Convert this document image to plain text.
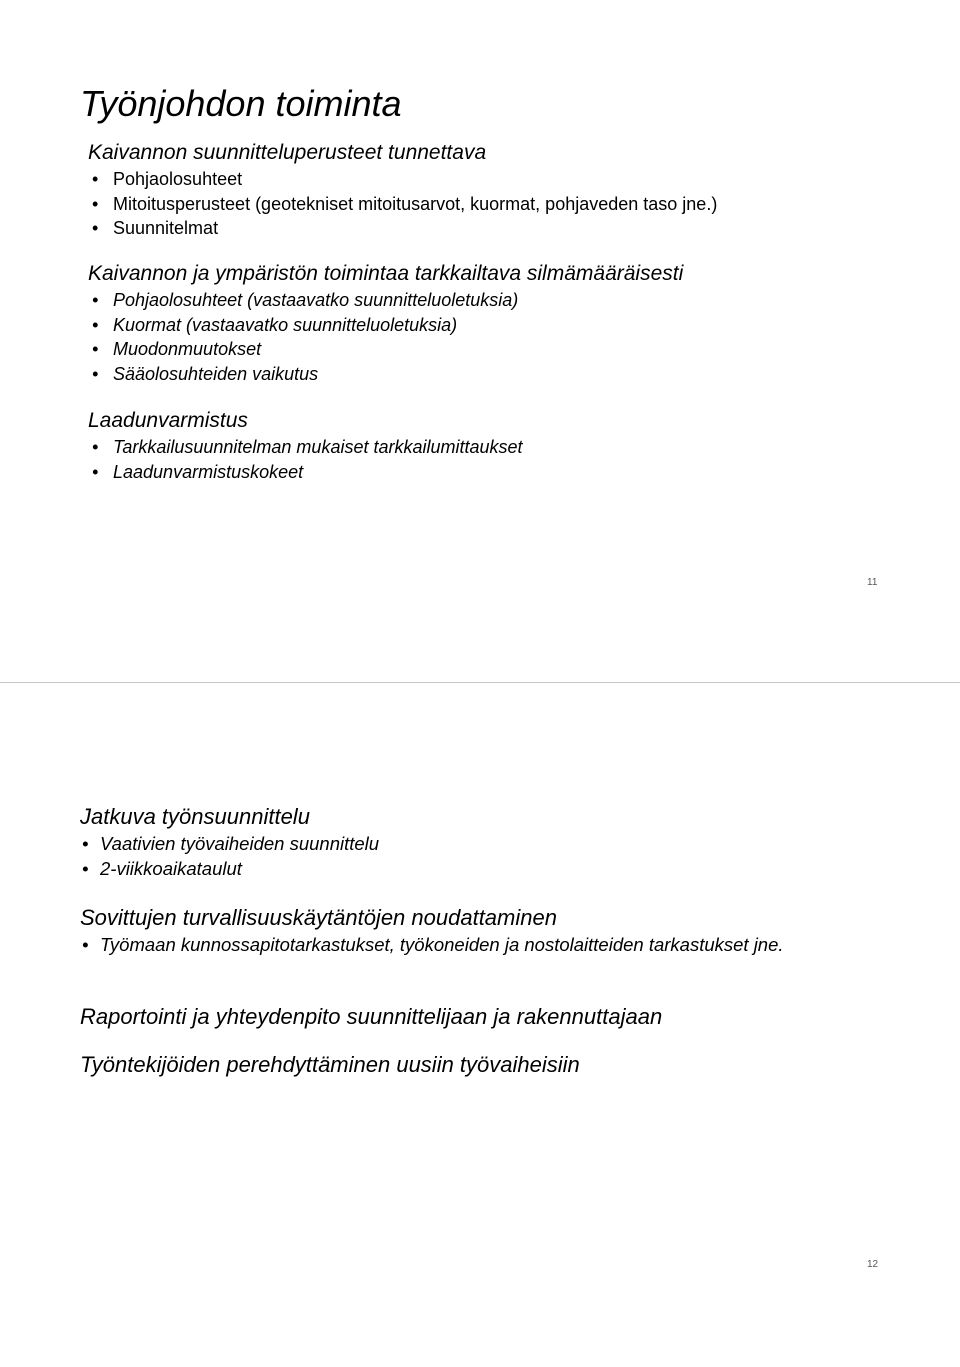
Työnjohdon toiminta
Kaivannon suunnitteluperusteet tunnettava
• Pohjaolosuhteet
• Mitoitusperusteet (geotekniset mitoitusarvot, kuormat, pohjaveden taso jne.)
• Suunnitelmat
Kaivannon ja ympäristön toimintaa tarkkailtava silmämääräisesti
• Pohjaolosuhteet (vastaavatko suunnitteluoletuksia)
• Kuormat (vastaavatko suunnitteluoletuksia)
• Muodonmuutokset
• Sääolosuhteiden vaikutus
Laadunvarmistus
• Tarkkailusuunnitelman mukaiset tarkkailumittaukset
• Laadunvarmistuskokeet
11
Jatkuva työnsuunnittelu
• Vaativien työvaiheiden suunnittelu
• 2-viikkoaikataulut
Sovittujen turvallisuuskäytäntöjen noudattaminen
• Työmaan kunnossapitotarkastukset, työkoneiden ja nostolaitteiden tarkastukset jne.
Raportointi ja yhteydenpito suunnittelijaan ja rakennuttajaan
Työntekijöiden perehdyttäminen uusiin työvaiheisiin
12
